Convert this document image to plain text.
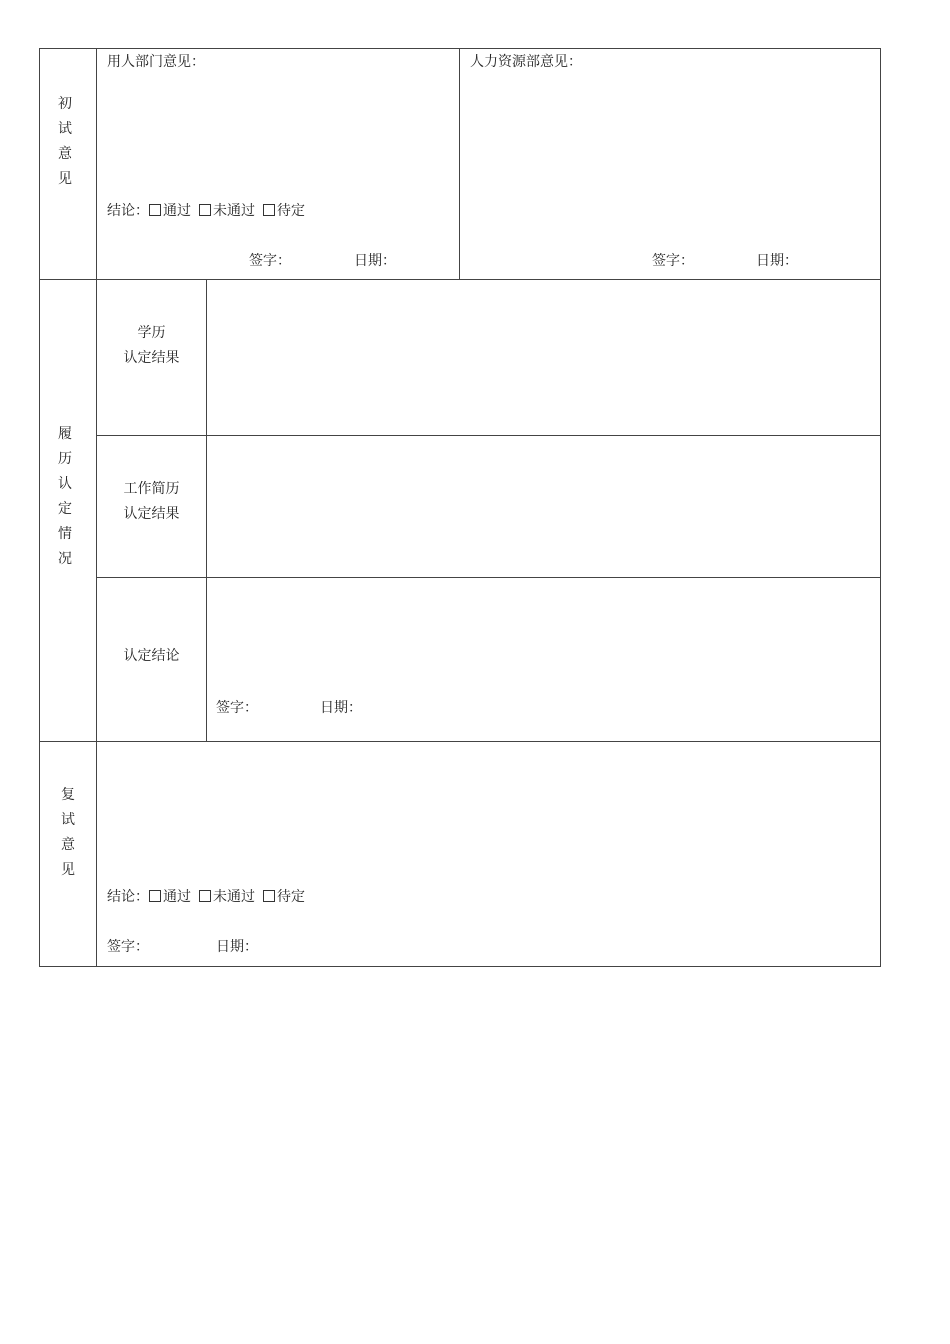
初
试
意
见
用人部门意见：	人力资源部意见：
结论： 通过 未通过 待定
签字：	日期：	签字：	日期：
履
历
认
定
情
况
学历
认定结果
工作简历
认定结果
认定结论
签字：	日期：
复
试
意
见
结论： 通过 未通过 待定
签字：	日期：
